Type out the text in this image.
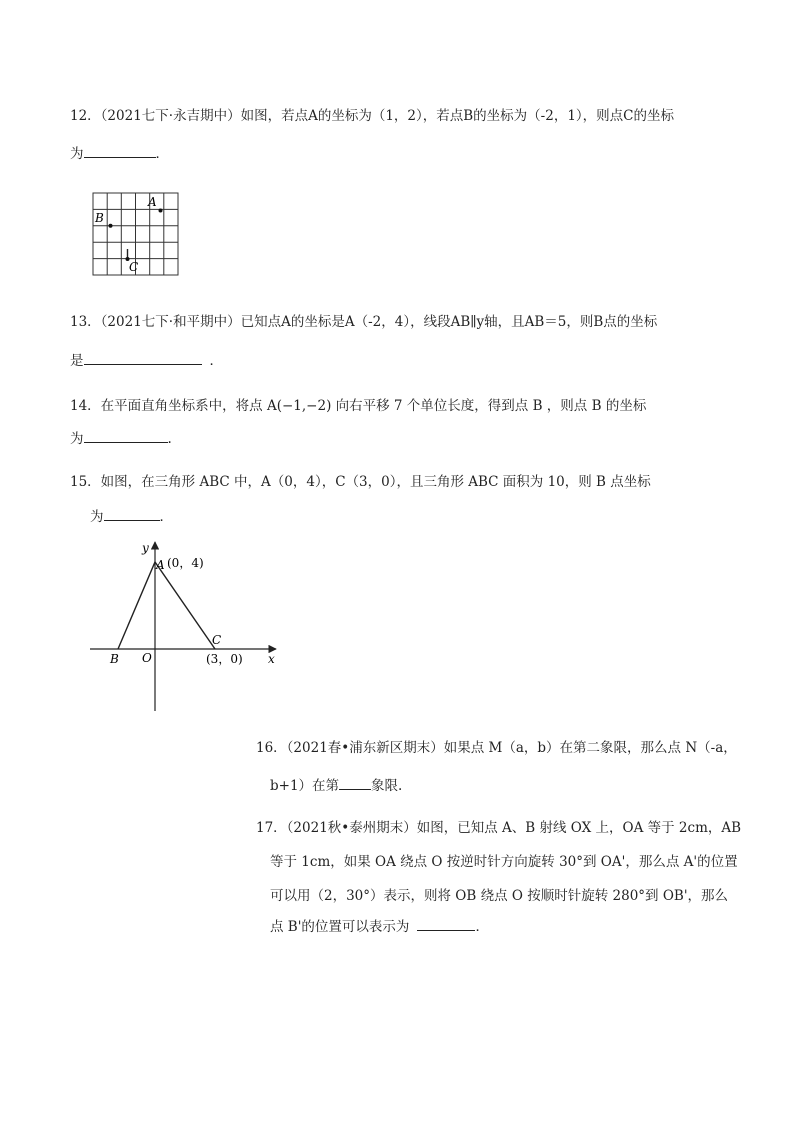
12．（2021七下·永吉期中）如图，若点A的坐标为（1，2），若点B的坐标为（-2，1），则点C的坐标
为	．
A
B
C
13．（2021七下·和平期中）已知点A的坐标是A（-2，4），线段AB∥y轴，且AB＝5，则B点的坐标
是	．
14．在平面直角坐标系中，将点 A(−1,−2) 向右平移 7 个单位长度，得到点 B ，则点 B 的坐标
为	.
15．如图，在三角形 ABC 中，A（0，4），C（3，0），且三角形 ABC 面积为 10，则 B 点坐标
为	．
y
x
A (0，4)
B O
C
(3，0)
16．（2021春•浦东新区期末）如果点 M（a，b）在第二象限，那么点 N（-a，
b+1）在第 象限.
17．（2021秋•泰州期末）如图，已知点 A、B 射线 OX 上，OA 等于 2cm，AB
等于 1cm，如果 OA 绕点 O 按逆时针方向旋转 30°到 OA'，那么点 A'的位置
可以用（2，30°）表示，则将 OB 绕点 O 按顺时针旋转 280°到 OB'，那么
点 B'的位置可以表示为	．
